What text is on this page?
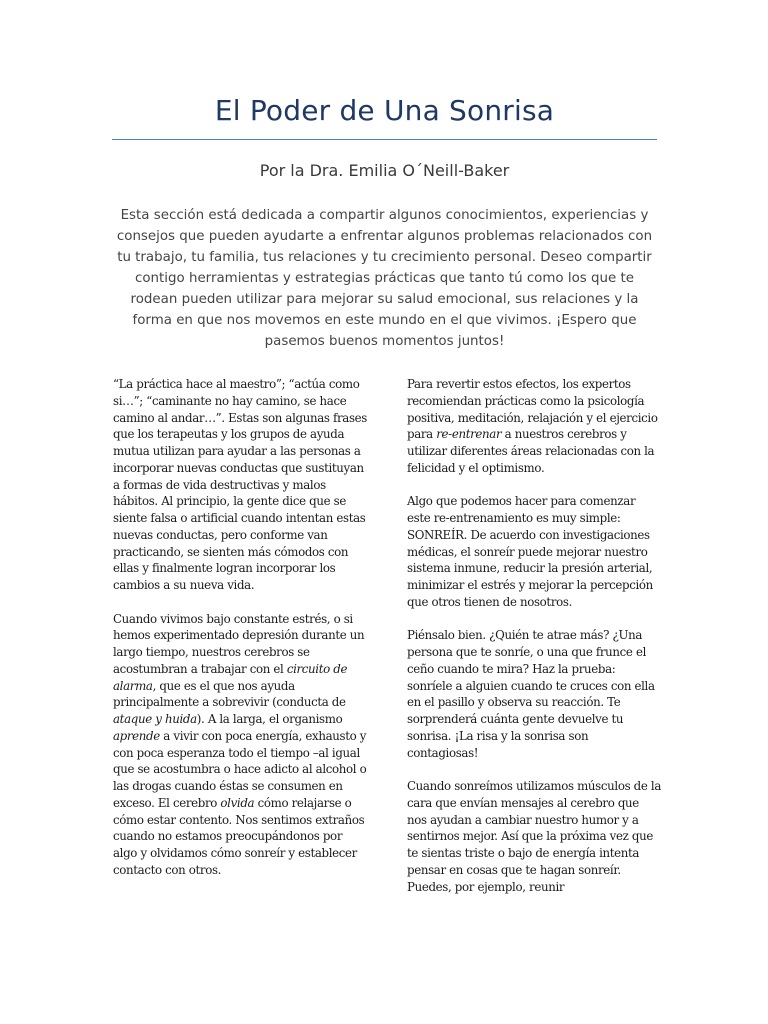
El Poder de Una Sonrisa
Por la Dra. Emilia O´Neill-Baker
Esta sección está dedicada a compartir algunos conocimientos, experiencias y consejos que pueden ayudarte a enfrentar algunos problemas relacionados con tu trabajo, tu familia, tus relaciones y tu crecimiento personal. Deseo compartir contigo herramientas y estrategias prácticas que tanto tú como los que te rodean pueden utilizar para mejorar su salud emocional, sus relaciones y la forma en que nos movemos en este mundo en el que vivimos. ¡Espero que pasemos buenos momentos juntos!

“La práctica hace al maestro”; “actúa como si…”; “caminante no hay camino, se hace camino al andar…”. Estas son algunas frases que los terapeutas y los grupos de ayuda mutua utilizan para ayudar a las personas a incorporar nuevas conductas que sustituyan a formas de vida destructivas y malos hábitos. Al principio, la gente dice que se siente falsa o artificial cuando intentan estas nuevas conductas, pero conforme van practicando, se sienten más cómodos con ellas y finalmente logran incorporar los cambios a su nueva vida.

Cuando vivimos bajo constante estrés, o si hemos experimentado depresión durante un largo tiempo, nuestros cerebros se acostumbran a trabajar con el circuito de alarma, que es el que nos ayuda principalmente a sobrevivir (conducta de ataque y huida). A la larga, el organismo aprende a vivir con poca energía, exhausto y con poca esperanza todo el tiempo –al igual que se acostumbra o hace adicto al alcohol o las drogas cuando éstas se consumen en exceso. El cerebro olvida cómo relajarse o cómo estar contento. Nos sentimos extraños cuando no estamos preocupándonos por algo y olvidamos cómo sonreír y establecer contacto con otros.

Para revertir estos efectos, los expertos recomiendan prácticas como la psicología positiva, meditación, relajación y el ejercicio para re-entrenar a nuestros cerebros y utilizar diferentes áreas relacionadas con la felicidad y el optimismo.

Algo que podemos hacer para comenzar este re-entrenamiento es muy simple: SONREÍR. De acuerdo con investigaciones médicas, el sonreír puede mejorar nuestro sistema inmune, reducir la presión arterial, minimizar el estrés y mejorar la percepción que otros tienen de nosotros.

Piénsalo bien. ¿Quién te atrae más? ¿Una persona que te sonríe, o una que frunce el ceño cuando te mira? Haz la prueba: sonríele a alguien cuando te cruces con ella en el pasillo y observa su reacción. Te sorprenderá cuánta gente devuelve tu sonrisa. ¡La risa y la sonrisa son contagiosas!

Cuando sonreímos utilizamos músculos de la cara que envían mensajes al cerebro que nos ayudan a cambiar nuestro humor y a sentirnos mejor. Así que la próxima vez que te sientas triste o bajo de energía intenta pensar en cosas que te hagan sonreír. Puedes, por ejemplo, reunir
